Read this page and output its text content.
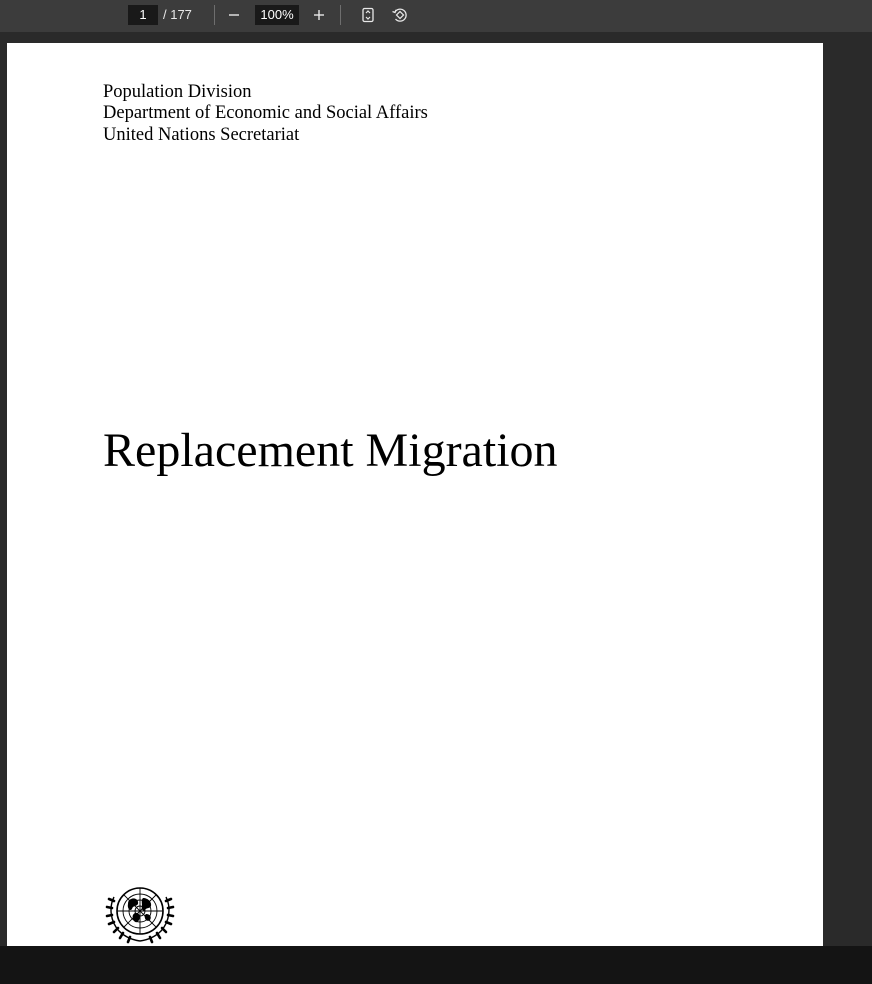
1
/ 177
100%
Population Division
Department of Economic and Social Affairs
United Nations Secretariat
Replacement Migration
